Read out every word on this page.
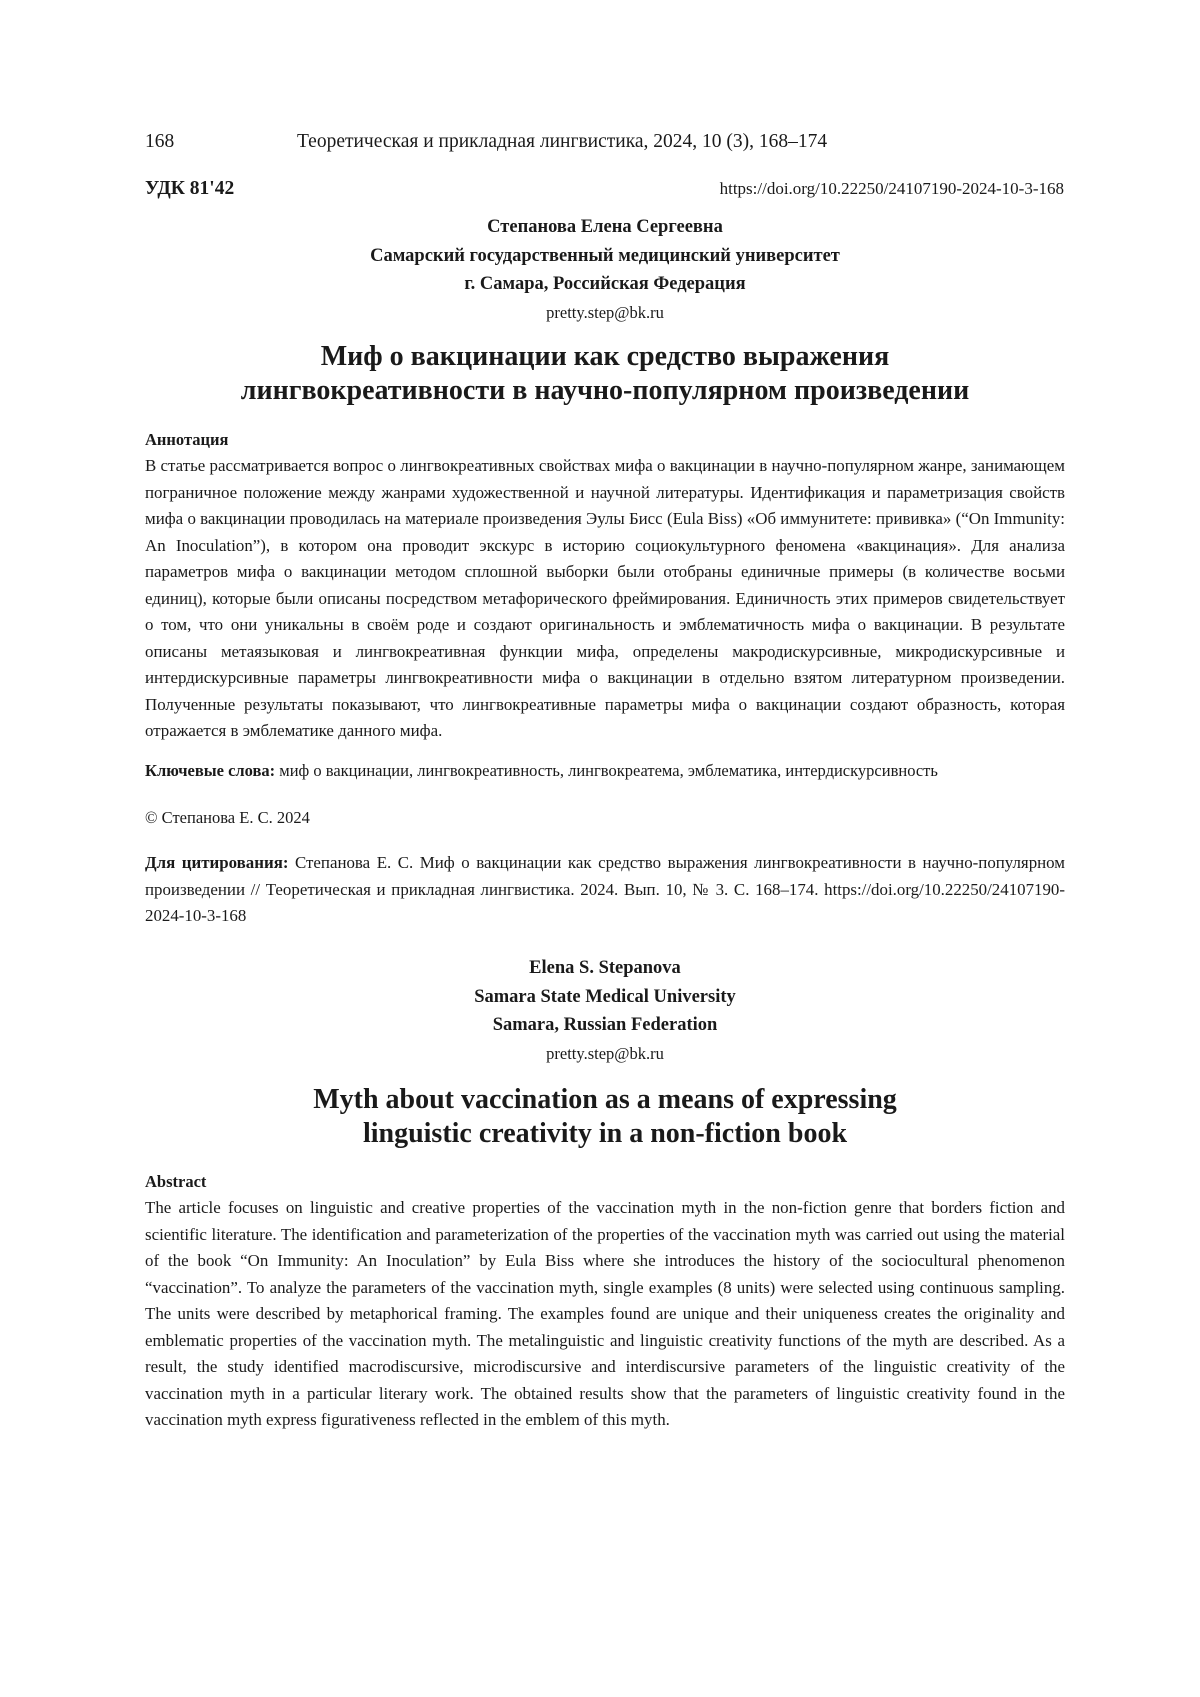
168	Теоретическая и прикладная лингвистика, 2024, 10 (3), 168–174
УДК 81'42	https://doi.org/10.22250/24107190-2024-10-3-168
Степанова Елена Сергеевна
Самарский государственный медицинский университет
г. Самара, Российская Федерация
pretty.step@bk.ru
Миф о вакцинации как средство выражения
лингвокреативности в научно-популярном произведении
Аннотация
В статье рассматривается вопрос о лингвокреативных свойствах мифа о вакцинации в научно-популярном жанре, занимающем пограничное положение между жанрами художественной и научной литературы. Идентификация и параметризация свойств мифа о вакцинации проводилась на материале произведения Эулы Бисс (Eula Biss) «Об иммунитете: прививка» (“On Immunity: An Inoculation”), в котором она проводит экскурс в историю социокультурного феномена «вакцинация». Для анализа параметров мифа о вакцинации методом сплошной выборки были отобраны единичные примеры (в количестве восьми единиц), которые были описаны посредством метафорического фреймирования. Единичность этих примеров свидетельствует о том, что они уникальны в своём роде и создают оригинальность и эмблематичность мифа о вакцинации. В результате описаны метаязыковая и лингвокреативная функции мифа, определены макродискурсивные, микродискурсивные и интердискурсивные параметры лингвокреативности мифа о вакцинации в отдельно взятом литературном произведении. Полученные результаты показывают, что лингвокреативные параметры мифа о вакцинации создают образность, которая отражается в эмблематике данного мифа.
Ключевые слова: миф о вакцинации, лингвокреативность, лингвокреатема, эмблематика, интердискурсивность
© Степанова Е. С. 2024
Для цитирования: Степанова Е. С. Миф о вакцинации как средство выражения лингвокреативности в научно-популярном произведении // Теоретическая и прикладная лингвистика. 2024. Вып. 10, № 3. С. 168–174. https://doi.org/10.22250/24107190-2024-10-3-168
Elena S. Stepanova
Samara State Medical University
Samara, Russian Federation
pretty.step@bk.ru
Myth about vaccination as a means of expressing
linguistic creativity in a non-fiction book
Abstract
The article focuses on linguistic and creative properties of the vaccination myth in the non-fiction genre that borders fiction and scientific literature. The identification and parameterization of the properties of the vaccination myth was carried out using the material of the book “On Immunity: An Inoculation” by Eula Biss where she introduces the history of the sociocultural phenomenon “vaccination”. To analyze the parameters of the vaccination myth, single examples (8 units) were selected using continuous sampling. The units were described by metaphorical framing. The examples found are unique and their uniqueness creates the originality and emblematic properties of the vaccination myth. The metalinguistic and linguistic creativity functions of the myth are described. As a result, the study identified macrodiscursive, microdiscursive and interdiscursive parameters of the linguistic creativity of the vaccination myth in a particular literary work. The obtained results show that the parameters of linguistic creativity found in the vaccination myth express figurativeness reflected in the emblem of this myth.
